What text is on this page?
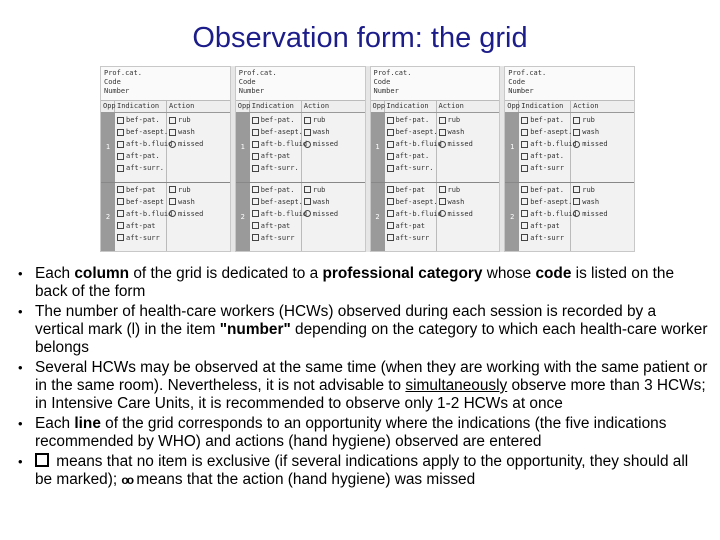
Observation form: the grid
Prof.cat.
Code
Number
Opp Indication	Action
1
bef-pat.
bef-asept.
aft-b.fluid
aft-pat.
aft-surr.
rub
wash
missed
2
bef-pat
bef-asept
aft-b.fluid
aft-pat
aft-surr
rub
wash
missed
Prof.cat.
Code
Number
Opp Indication	Action
1
bef-pat.
bef-asept.
aft-b.fluid
aft-pat
aft-surr.
rub
wash
missed
2
bef-pat.
bef-asept.
aft-b.fluid
aft-pat
aft-surr
rub
wash
missed
Prof.cat.
Code
Number
Opp Indication	Action
1
bef-pat.
bef-asept.
aft-b.fluid
aft-pat.
aft-surr.
rub
wash
missed
2
bef-pat
bef-asept.
aft-b.fluid
aft-pat
aft-surr
rub
wash
missed
Prof.cat.
Code
Number
Opp Indication	Action
1
bef-pat.
bef-asept.
aft-b.fluid
aft-pat.
aft-surr
rub
wash
missed
2
bef-pat.
bef-asept.
aft-b.fluid
aft-pat
aft-surr
rub
wash
missed
• Each column of the grid is dedicated to a professional category whose code is listed on the back of the form
• The number of health-care workers (HCWs) observed during each session is recorded by a vertical mark (l) in the item "number" depending on the category to which each health-care worker belongs
• Several HCWs may be observed at the same time (when they are working with the same patient or in the same room). Nevertheless, it is not advisable to simultaneously observe more than 3 HCWs; in Intensive Care Units, it is recommended to observe only 1-2 HCWs at once
• Each line of the grid corresponds to an opportunity where the indications (the five indications recommended by WHO) and actions (hand hygiene) observed are entered
• means that no item is exclusive (if several indications apply to the opportunity, they should all be marked); oo means that the action (hand hygiene) was missed
